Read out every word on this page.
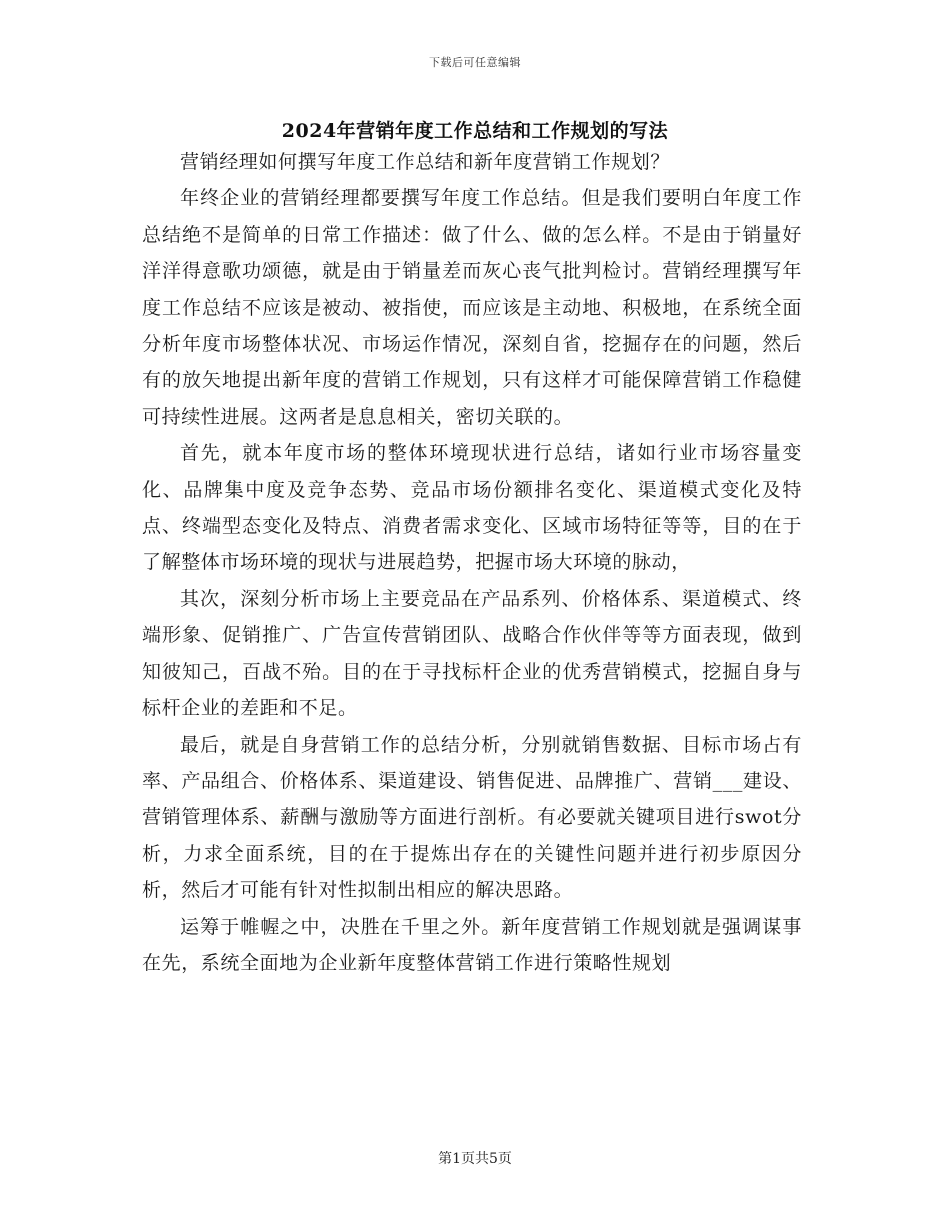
下载后可任意编辑
2024年营销年度工作总结和工作规划的写法

营销经理如何撰写年度工作总结和新年度营销工作规划？

年终企业的营销经理都要撰写年度工作总结。但是我们要明白年度工作总结绝不是简单的日常工作描述：做了什么、做的怎么样。不是由于销量好洋洋得意歌功颂德，就是由于销量差而灰心丧气批判检讨。营销经理撰写年度工作总结不应该是被动、被指使，而应该是主动地、积极地，在系统全面分析年度市场整体状况、市场运作情况，深刻自省，挖掘存在的问题，然后有的放矢地提出新年度的营销工作规划，只有这样才可能保障营销工作稳健可持续性进展。这两者是息息相关，密切关联的。

首先，就本年度市场的整体环境现状进行总结，诸如行业市场容量变化、品牌集中度及竞争态势、竞品市场份额排名变化、渠道模式变化及特点、终端型态变化及特点、消费者需求变化、区域市场特征等等，目的在于了解整体市场环境的现状与进展趋势，把握市场大环境的脉动，

其次，深刻分析市场上主要竞品在产品系列、价格体系、渠道模式、终端形象、促销推广、广告宣传营销团队、战略合作伙伴等等方面表现，做到知彼知己，百战不殆。目的在于寻找标杆企业的优秀营销模式，挖掘自身与标杆企业的差距和不足。

最后，就是自身营销工作的总结分析，分别就销售数据、目标市场占有率、产品组合、价格体系、渠道建设、销售促进、品牌推广、营销___建设、营销管理体系、薪酬与激励等方面进行剖析。有必要就关键项目进行swot分析，力求全面系统，目的在于提炼出存在的关键性问题并进行初步原因分析，然后才可能有针对性拟制出相应的解决思路。

运筹于帷幄之中，决胜在千里之外。新年度营销工作规划就是强调谋事在先，系统全面地为企业新年度整体营销工作进行策略性规划

第1页共5页
